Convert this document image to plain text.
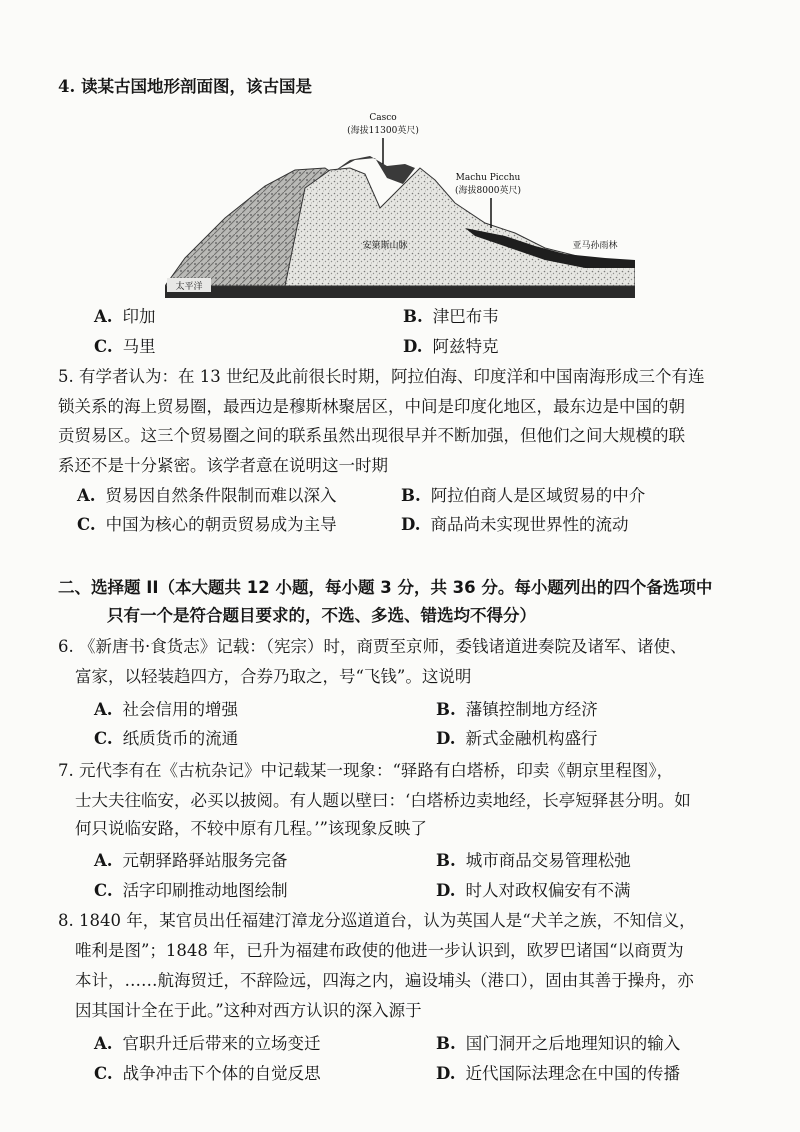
4. 读某古国地形剖面图，该古国是
Casco
(海拔11300英尺)
Machu Picchu
(海拔8000英尺)
安第斯山脉	亚马孙雨林
太平洋
A. 印加	B. 津巴布韦
C. 马里	D. 阿兹特克
5. 有学者认为：在 13 世纪及此前很长时期，阿拉伯海、印度洋和中国南海形成三个有连
锁关系的海上贸易圈，最西边是穆斯林聚居区，中间是印度化地区，最东边是中国的朝
贡贸易区。这三个贸易圈之间的联系虽然出现很早并不断加强，但他们之间大规模的联
系还不是十分紧密。该学者意在说明这一时期
A. 贸易因自然条件限制而难以深入	B. 阿拉伯商人是区域贸易的中介
C. 中国为核心的朝贡贸易成为主导	D. 商品尚未实现世界性的流动
二、选择题 II（本大题共 12 小题，每小题 3 分，共 36 分。每小题列出的四个备选项中
只有一个是符合题目要求的，不选、多选、错选均不得分）
6. 《新唐书·食货志》记载：（宪宗）时，商贾至京师，委钱诸道进奏院及诸军、诸使、
富家，以轻装趋四方，合券乃取之，号“飞钱”。这说明
A. 社会信用的增强	B. 藩镇控制地方经济
C. 纸质货币的流通	D. 新式金融机构盛行
7. 元代李有在《古杭杂记》中记载某一现象：“驿路有白塔桥，印卖《朝京里程图》，
士大夫往临安，必买以披阅。有人题以壁曰：‘白塔桥边卖地经，长亭短驿甚分明。如
何只说临安路，不较中原有几程。’”该现象反映了
A. 元朝驿路驿站服务完备	B. 城市商品交易管理松弛
C. 活字印刷推动地图绘制	D. 时人对政权偏安有不满
8. 1840 年，某官员出任福建汀漳龙分巡道道台，认为英国人是“犬羊之族，不知信义，
唯利是图”；1848 年，已升为福建布政使的他进一步认识到，欧罗巴诸国“以商贾为
本计，……航海贸迁，不辞险远，四海之内，遍设埔头（港口），固由其善于操舟，亦
因其国计全在于此。”这种对西方认识的深入源于
A. 官职升迁后带来的立场变迁	B. 国门洞开之后地理知识的输入
C. 战争冲击下个体的自觉反思	D. 近代国际法理念在中国的传播
